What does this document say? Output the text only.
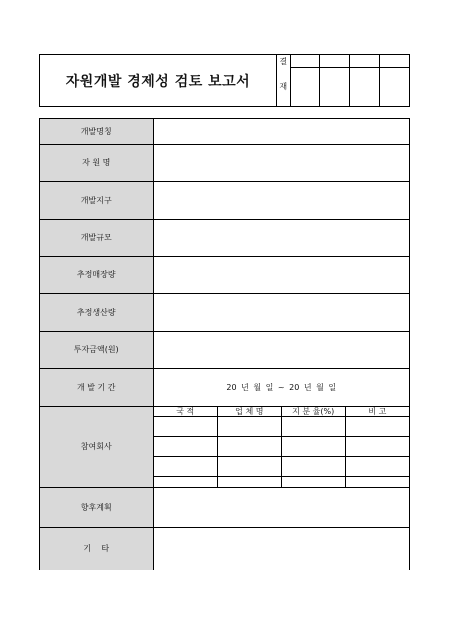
자원개발 경제성 검토 보고서
결				
재				
개발명칭	
자 원 명	
개발지구	
개발규모	
추정매장량	
추정생산량	
투자금액(원)	
개 발 기 간	20 년 월 일 ~ 20 년 월 일
참여회사	
국 적	업 체 명	지 분 율(%)	비 고

향후계획	
기    타	
